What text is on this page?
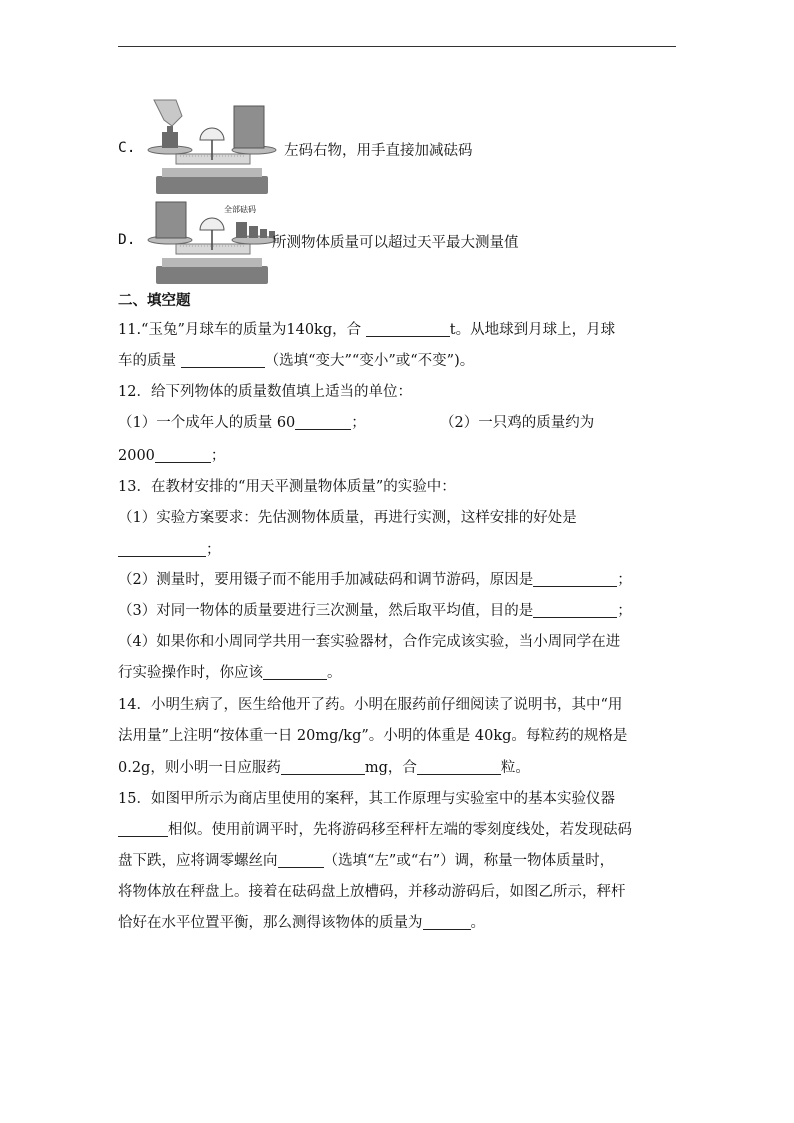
C.	左码右物，用手直接加减砝码
D.
全部砝码
所测物体质量可以超过天平最大测量值
二、填空题
11.“玉兔”月球车的质量为140kg，合	t。从地球到月球上，月球
车的质量	（选填“变大”“变小”或“不变”)。
12．给下列物体的质量数值填上适当的单位：
（1）一个成年人的质量 60	；	（2）一只鸡的质量约为
2000	；
13．在教材安排的“用天平测量物体质量”的实验中：
（1）实验方案要求：先估测物体质量，再进行实测，这样安排的好处是
；
（2）测量时，要用镊子而不能用手加减砝码和调节游码，原因是	；
（3）对同一物体的质量要进行三次测量，然后取平均值，目的是	；
（4）如果你和小周同学共用一套实验器材，合作完成该实验，当小周同学在进
行实验操作时，你应该	。
14．小明生病了，医生给他开了药。小明在服药前仔细阅读了说明书，其中“用
法用量”上注明“按体重一日 20mg/kg”。小明的体重是 40kg。每粒药的规格是
0.2g，则小明一日应服药	mg，合	粒。
15．如图甲所示为商店里使用的案秤，其工作原理与实验室中的基本实验仪器
相似。使用前调平时，先将游码移至秤杆左端的零刻度线处，若发现砝码
盘下跌，应将调零螺丝向	（选填“左”或“右”）调，称量一物体质量时，
将物体放在秤盘上。接着在砝码盘上放槽码，并移动游码后，如图乙所示，秤杆
恰好在水平位置平衡，那么测得该物体的质量为	。
